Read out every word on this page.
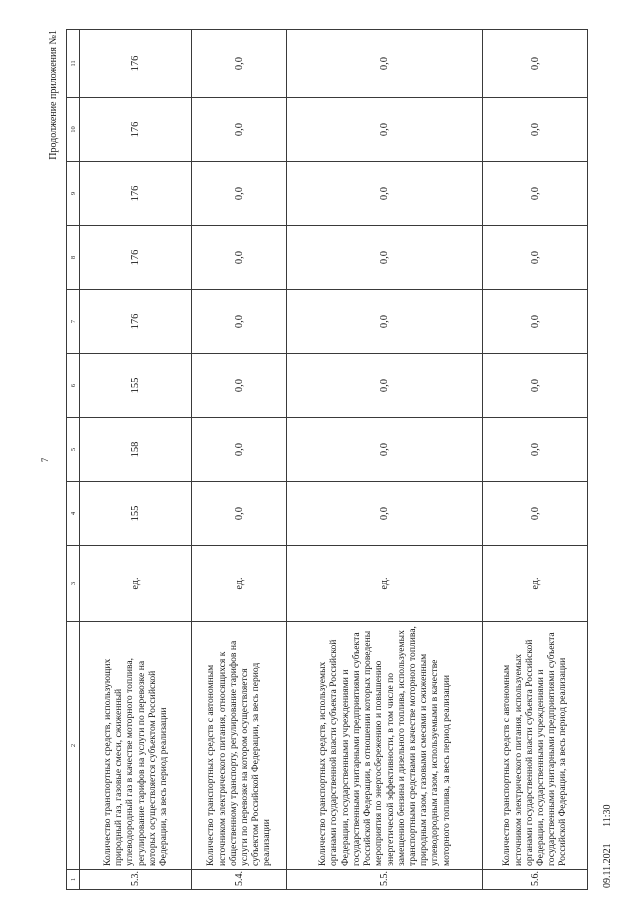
7
Продолжение приложения №1
1	2	3	4	5	6	7	8	9	10	11
5.3.	Количество транспортных средств, использующих природный газ, газовые смеси, сжиженный углеводородный газ в качестве моторного топлива, регулирование тарифов на услуги по перевозке на которых осуществляется субъектом Российской Федерации, за весь период реализации	ед.	155	158	155	176	176	176	176	176
5.4.	Количество транспортных средств с автономным источником электрического питания, относящихся к общественному транспорту, регулирование тарифов на услуги по перевозке на котором осуществляется субъектом Российской Федерации, за весь период реализации	ед.	0,0	0,0	0,0	0,0	0,0	0,0	0,0	0,0
5.5.	Количество транспортных средств, используемых органами государственной власти субъекта Российской Федерации, государственными учреждениями и государственными унитарными предприятиями субъекта Российской Федерации, в отношении которых проведены мероприятия по энергосбережению и повышению энергетической эффективности, в том числе по замещению бензина и дизельного топлива, используемых транспортными средствами в качестве моторного топлива, природным газом, газовыми смесями и сжиженным углеводородным газом, используемыми в качестве моторного топлива, за весь период реализации	ед.	0,0	0,0	0,0	0,0	0,0	0,0	0,0	0,0
5.6.	Количество транспортных средств с автономным источником электрического питания, используемых органами государственной власти субъекта Российской Федерации, государственными учреждениями и государственными унитарными предприятиями субъекта Российской Федерации, за весь период реализации	ед.	0,0	0,0	0,0	0,0	0,0	0,0	0,0	0,0
09.11.2021 11:30
